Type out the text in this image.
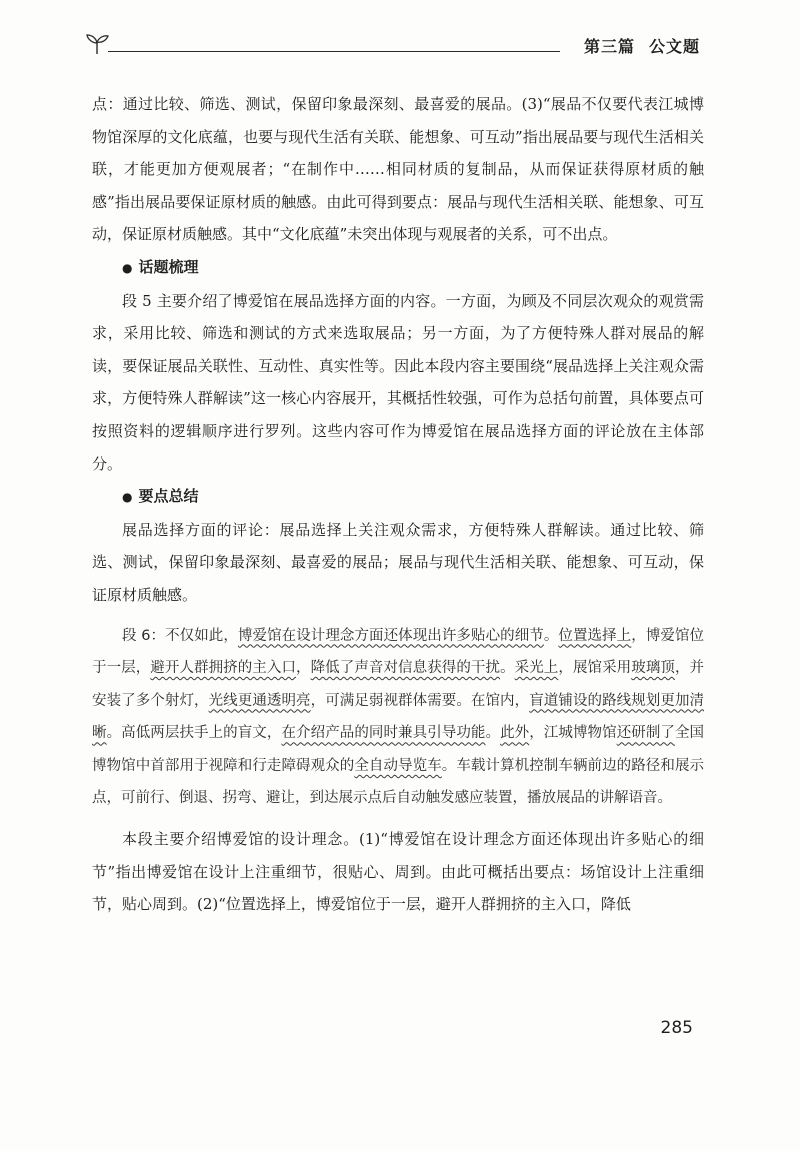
第三篇 公文题

点：通过比较、筛选、测试，保留印象最深刻、最喜爱的展品。(3)“展品不仅要代表江城博物馆深厚的文化底蕴，也要与现代生活有关联、能想象、可互动”指出展品要与现代生活相关联，才能更加方便观展者；“在制作中……相同材质的复制品，从而保证获得原材质的触感”指出展品要保证原材质的触感。由此可得到要点：展品与现代生活相关联、能想象、可互动，保证原材质触感。其中“文化底蕴”未突出体现与观展者的关系，可不出点。

● 话题梳理

段 5 主要介绍了博爱馆在展品选择方面的内容。一方面，为顾及不同层次观众的观赏需求，采用比较、筛选和测试的方式来选取展品；另一方面，为了方便特殊人群对展品的解读，要保证展品关联性、互动性、真实性等。因此本段内容主要围绕“展品选择上关注观众需求，方便特殊人群解读”这一核心内容展开，其概括性较强，可作为总括句前置，具体要点可按照资料的逻辑顺序进行罗列。这些内容可作为博爱馆在展品选择方面的评论放在主体部分。

● 要点总结

展品选择方面的评论：展品选择上关注观众需求，方便特殊人群解读。通过比较、筛选、测试，保留印象最深刻、最喜爱的展品；展品与现代生活相关联、能想象、可互动，保证原材质触感。

段 6：不仅如此，博爱馆在设计理念方面还体现出许多贴心的细节。位置选择上，博爱馆位于一层，避开人群拥挤的主入口，降低了声音对信息获得的干扰。采光上，展馆采用玻璃顶，并安装了多个射灯，光线更通透明亮，可满足弱视群体需要。在馆内，盲道铺设的路线规划更加清晰。高低两层扶手上的盲文，在介绍产品的同时兼具引导功能。此外，江城博物馆还研制了全国博物馆中首部用于视障和行走障碍观众的全自动导览车。车载计算机控制车辆前边的路径和展示点，可前行、倒退、拐弯、避让，到达展示点后自动触发感应装置，播放展品的讲解语音。

本段主要介绍博爱馆的设计理念。(1)“博爱馆在设计理念方面还体现出许多贴心的细节”指出博爱馆在设计上注重细节，很贴心、周到。由此可概括出要点：场馆设计上注重细节，贴心周到。(2)“位置选择上，博爱馆位于一层，避开人群拥挤的主入口，降低

285
